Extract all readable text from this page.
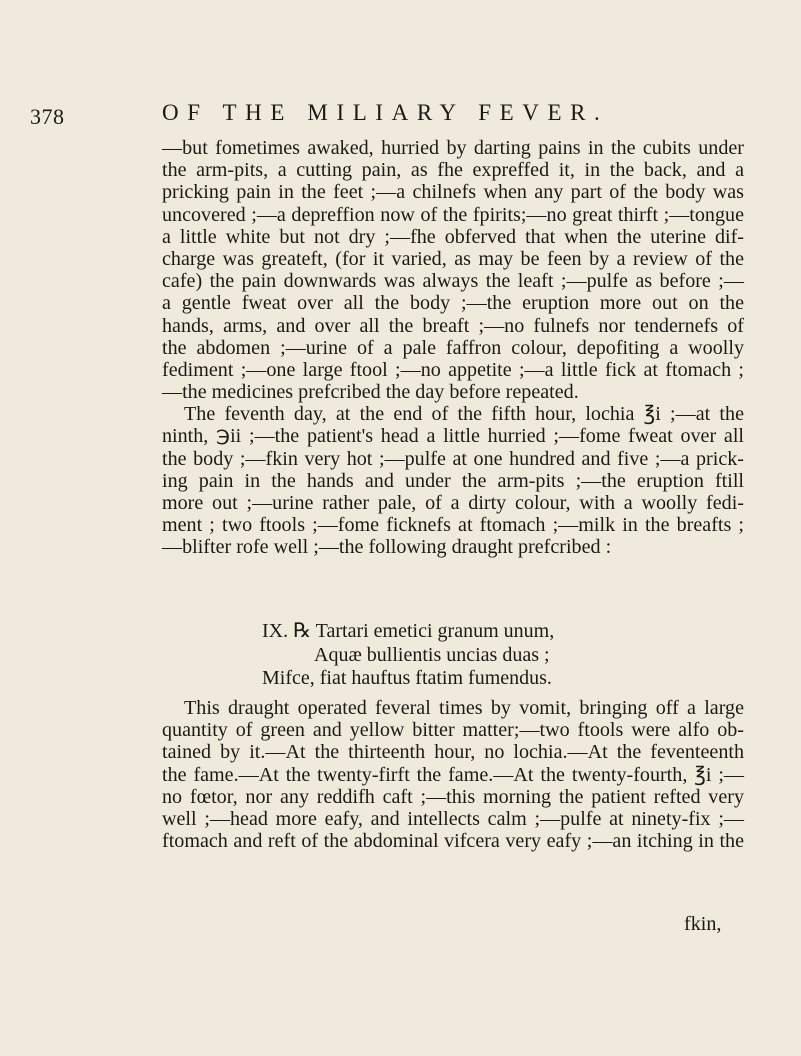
378	OF THE MILIARY FEVER.
—but fometimes awaked, hurried by darting pains in the cubits under
the arm-pits, a cutting pain, as fhe expreffed it, in the back, and a
pricking pain in the feet ;—a chilnefs when any part of the body was
uncovered ;—a depreffion now of the fpirits;—no great thirft ;—tongue
a little white but not dry ;—fhe obferved that when the uterine dif-
charge was greateft, (for it varied, as may be feen by a review of the
cafe) the pain downwards was always the leaft ;—pulfe as before ;—
a gentle fweat over all the body ;—the eruption more out on the
hands, arms, and over all the breaft ;—no fulnefs nor tendernefs of
the abdomen ;—urine of a pale faffron colour, depofiting a woolly
fediment ;—one large ftool ;—no appetite ;—a little fick at ftomach ;
—the medicines prefcribed the day before repeated.
The feventh day, at the end of the fifth hour, lochia ℥i ;—at the
ninth, ℈ii ;—the patient's head a little hurried ;—fome fweat over all
the body ;—fkin very hot ;—pulfe at one hundred and five ;—a prick-
ing pain in the hands and under the arm-pits ;—the eruption ftill
more out ;—urine rather pale, of a dirty colour, with a woolly fedi-
ment ; two ftools ;—fome ficknefs at ftomach ;—milk in the breafts ;
—blifter rofe well ;—the following draught prefcribed :
IX. ℞ Tartari emetici granum unum,
Aquæ bullientis uncias duas ;
Mifce, fiat hauftus ftatim fumendus.
This draught operated feveral times by vomit, bringing off a large
quantity of green and yellow bitter matter;—two ftools were alfo ob-
tained by it.—At the thirteenth hour, no lochia.—At the feventeenth
the fame.—At the twenty-firft the fame.—At the twenty-fourth, ℥i ;—
no fœtor, nor any reddifh caft ;—this morning the patient refted very
well ;—head more eafy, and intellects calm ;—pulfe at ninety-fix ;—
ftomach and reft of the abdominal vifcera very eafy ;—an itching in the
fkin,
